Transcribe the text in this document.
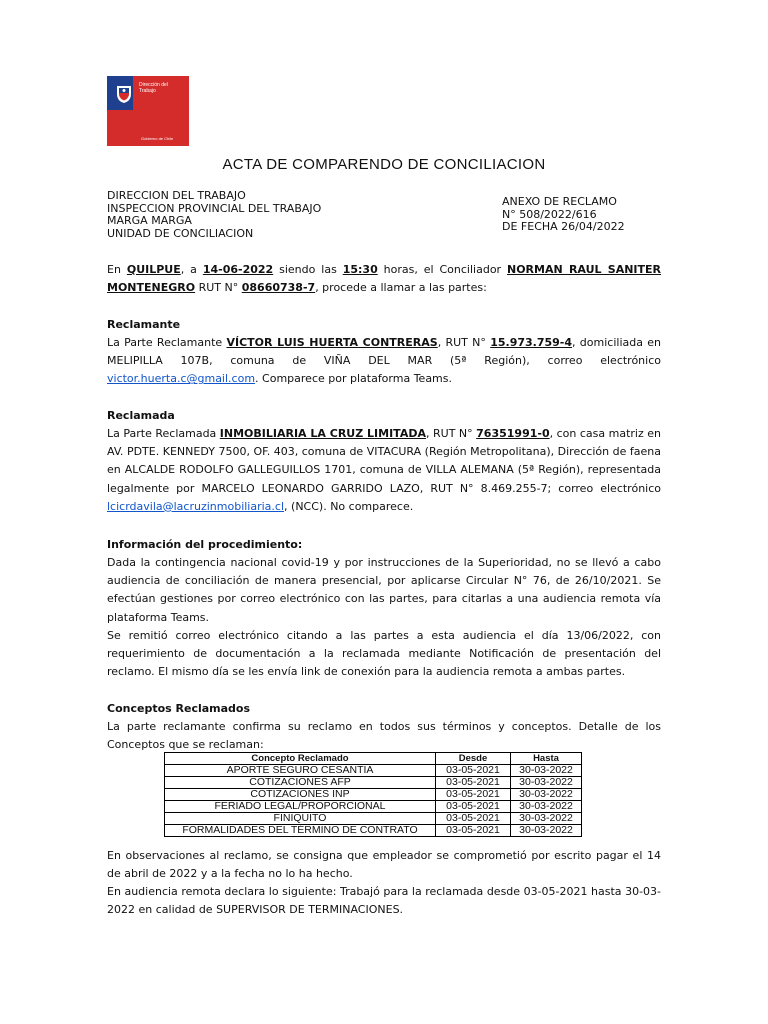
Dirección del
Trabajo
Gobierno de Chile
ACTA DE COMPARENDO DE CONCILIACION
DIRECCION DEL TRABAJO
INSPECCION PROVINCIAL DEL TRABAJO
MARGA MARGA
UNIDAD DE CONCILIACION
ANEXO DE RECLAMO
N° 508/2022/616
DE FECHA 26/04/2022
En QUILPUE, a 14-06-2022 siendo las 15:30 horas, el Conciliador NORMAN RAUL SANITER MONTENEGRO RUT N° 08660738-7, procede a llamar a las partes:
Reclamante
La Parte Reclamante VÍCTOR LUIS HUERTA CONTRERAS, RUT N° 15.973.759-4, domiciliada en MELIPILLA 107B, comuna de VIÑA DEL MAR (5ª Región), correo electrónico victor.huerta.c@gmail.com. Comparece por plataforma Teams.
Reclamada
La Parte Reclamada INMOBILIARIA LA CRUZ LIMITADA, RUT N° 76351991-0, con casa matriz en AV. PDTE. KENNEDY 7500, OF. 403, comuna de VITACURA (Región Metropolitana), Dirección de faena en ALCALDE RODOLFO GALLEGUILLOS 1701, comuna de VILLA ALEMANA (5ª Región), representada legalmente por MARCELO LEONARDO GARRIDO LAZO, RUT N° 8.469.255-7; correo electrónico lcicrdavila@lacruzinmobiliaria.cl, (NCC). No comparece.
Información del procedimiento:
Dada la contingencia nacional covid-19 y por instrucciones de la Superioridad, no se llevó a cabo audiencia de conciliación de manera presencial, por aplicarse Circular N° 76, de 26/10/2021. Se efectúan gestiones por correo electrónico con las partes, para citarlas a una audiencia remota vía plataforma Teams.
Se remitió correo electrónico citando a las partes a esta audiencia el día 13/06/2022, con requerimiento de documentación a la reclamada mediante Notificación de presentación del reclamo. El mismo día se les envía link de conexión para la audiencia remota a ambas partes.
Conceptos Reclamados
La parte reclamante confirma su reclamo en todos sus términos y conceptos. Detalle de los Conceptos que se reclaman:
Concepto Reclamado	Desde	Hasta
APORTE SEGURO CESANTIA	03-05-2021	30-03-2022
COTIZACIONES AFP	03-05-2021	30-03-2022
COTIZACIONES INP	03-05-2021	30-03-2022
FERIADO LEGAL/PROPORCIONAL	03-05-2021	30-03-2022
FINIQUITO	03-05-2021	30-03-2022
FORMALIDADES DEL TÉRMINO DE CONTRATO	03-05-2021	30-03-2022
En observaciones al reclamo, se consigna que empleador se comprometió por escrito pagar el 14 de abril de 2022 y a la fecha no lo ha hecho.
En audiencia remota declara lo siguiente: Trabajó para la reclamada desde 03-05-2021 hasta 30-03-2022 en calidad de SUPERVISOR DE TERMINACIONES.
